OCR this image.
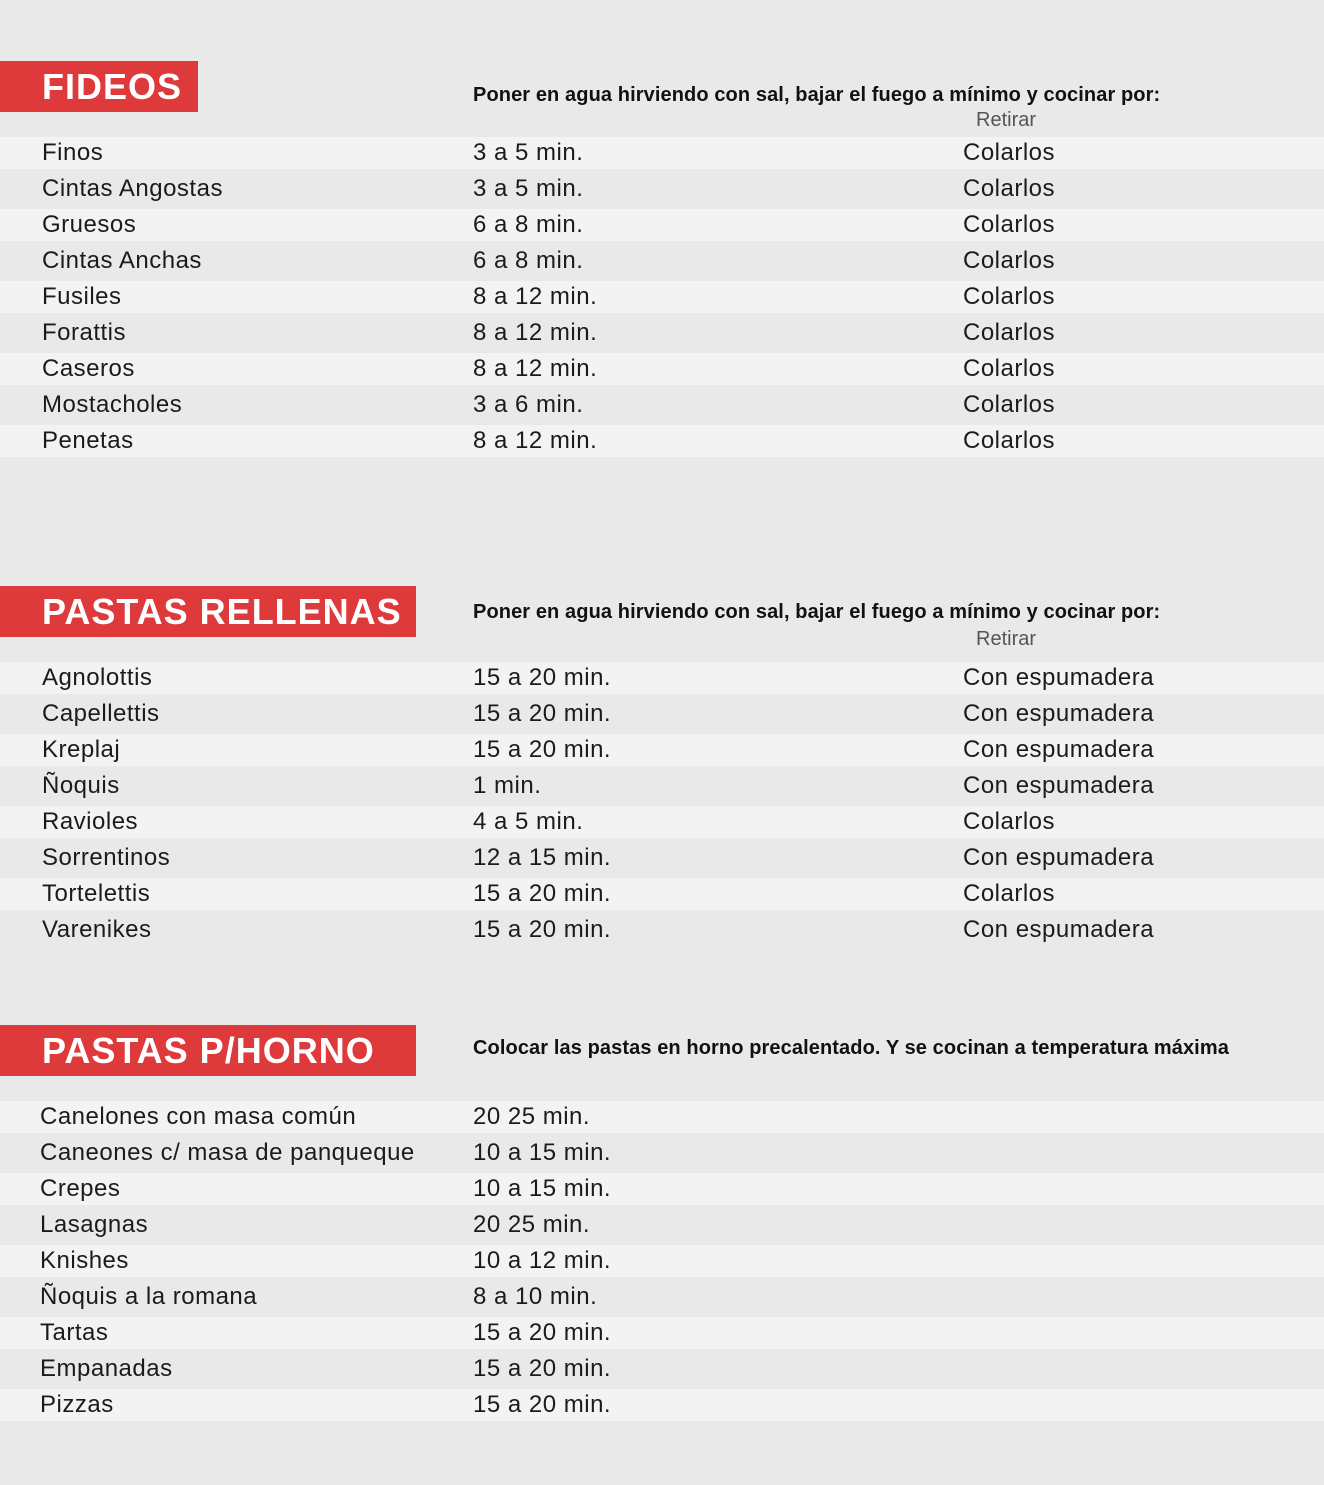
FIDEOS	Poner en agua hirviendo con sal, bajar el fuego a mínimo y cocinar por:
Retirar
Finos	3 a 5 min.	Colarlos
Cintas Angostas	3 a 5 min.	Colarlos
Gruesos	6 a 8 min.	Colarlos
Cintas Anchas	6 a 8 min.	Colarlos
Fusiles	8 a 12 min.	Colarlos
Forattis	8 a 12 min.	Colarlos
Caseros	8 a 12 min.	Colarlos
Mostacholes	3 a 6 min.	Colarlos
Penetas	8 a 12 min.	Colarlos
PASTAS RELLENAS	Poner en agua hirviendo con sal, bajar el fuego a mínimo y cocinar por:
Retirar
Agnolottis	15 a 20 min.	Con espumadera
Capellettis	15 a 20 min.	Con espumadera
Kreplaj	15 a 20 min.	Con espumadera
Ñoquis	1 min.	Con espumadera
Ravioles	4 a 5 min.	Colarlos
Sorrentinos	12 a 15 min.	Con espumadera
Tortelettis	15 a 20 min.	Colarlos
Varenikes	15 a 20 min.	Con espumadera
PASTAS P/HORNO	Colocar las pastas en horno precalentado. Y se cocinan a temperatura máxima
Canelones con masa común	20 25 min.
Caneones c/ masa de panqueque 10 a 15 min.
Crepes	10 a 15 min.
Lasagnas	20 25 min.
Knishes	10 a 12 min.
Ñoquis a la romana	8 a 10 min.
Tartas	15 a 20 min.
Empanadas	15 a 20 min.
Pizzas	15 a 20 min.
